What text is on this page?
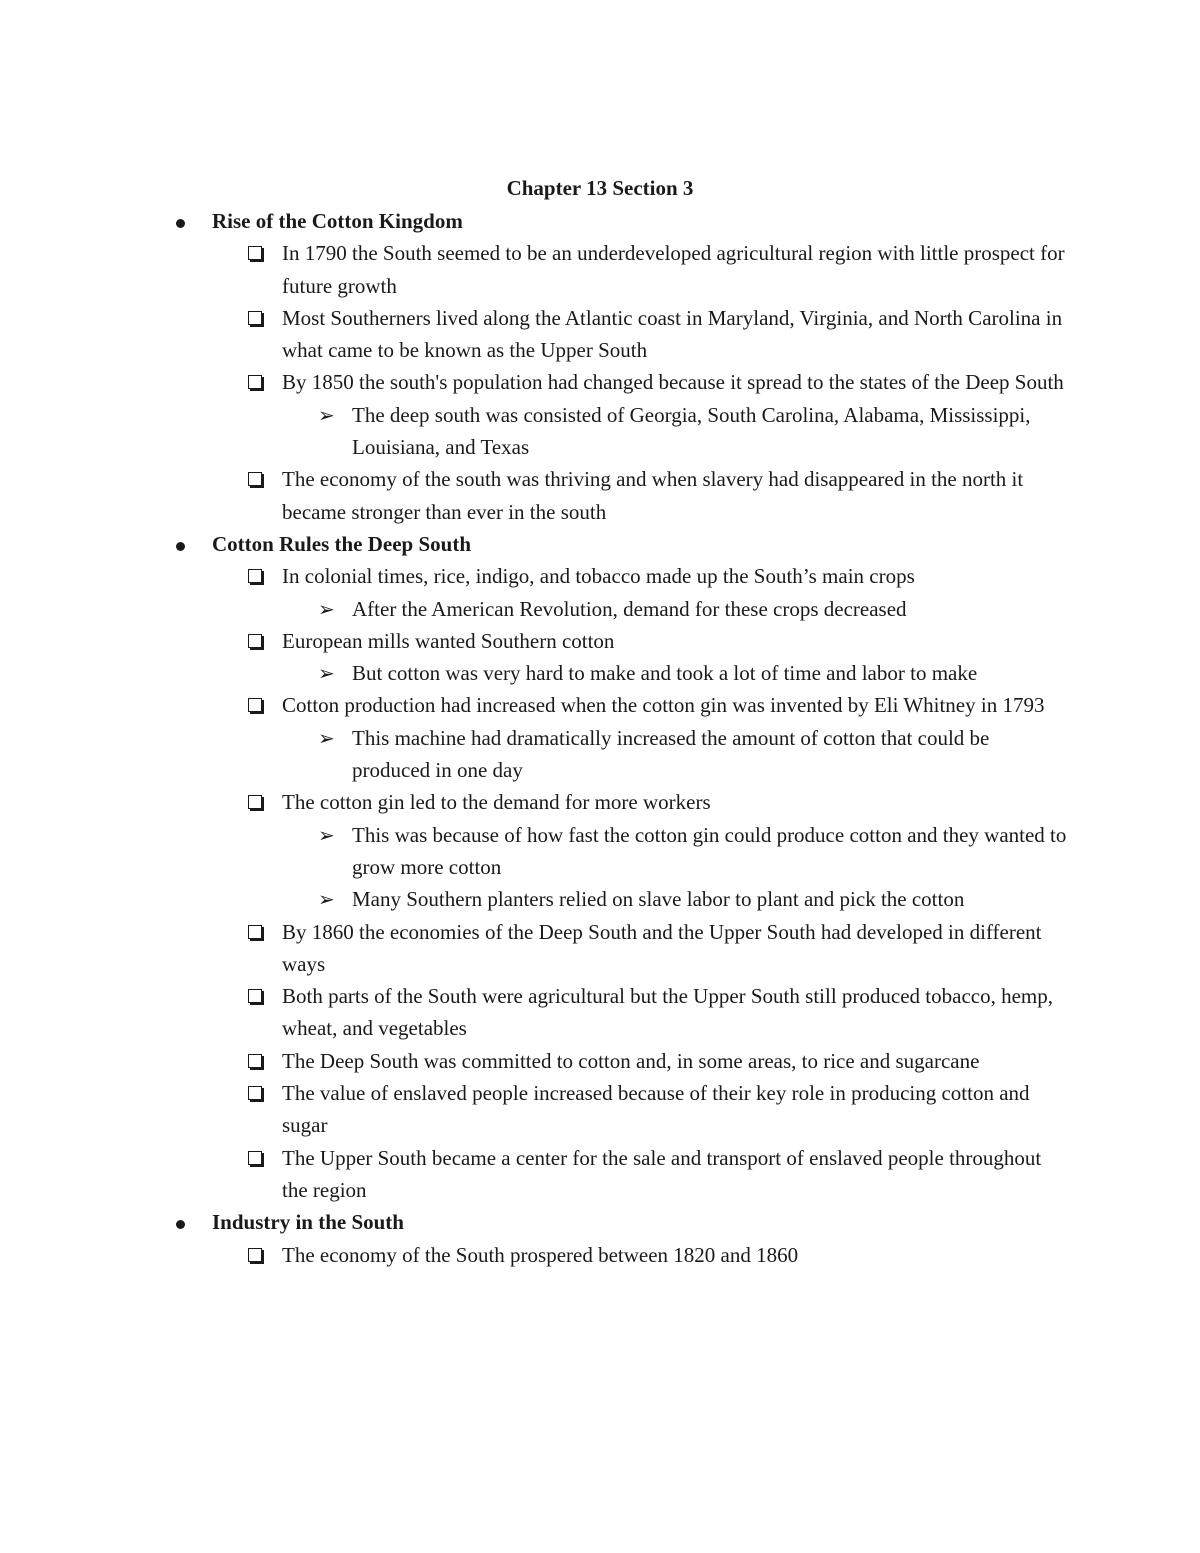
Chapter 13 Section 3
Rise of the Cotton Kingdom
In 1790 the South seemed to be an underdeveloped agricultural region with little prospect for future growth
Most Southerners lived along the Atlantic coast in Maryland, Virginia, and North Carolina in what came to be known as the Upper South
By 1850 the south's population had changed because it spread to the states of the Deep South
➢ The deep south was consisted of Georgia, South Carolina, Alabama, Mississippi, Louisiana, and Texas
The economy of the south was thriving and when slavery had disappeared in the north it became stronger than ever in the south
Cotton Rules the Deep South
In colonial times, rice, indigo, and tobacco made up the South’s main crops
➢ After the American Revolution, demand for these crops decreased
European mills wanted Southern cotton
➢ But cotton was very hard to make and took a lot of time and labor to make
Cotton production had increased when the cotton gin was invented by Eli Whitney in 1793
➢ This machine had dramatically increased the amount of cotton that could be produced in one day
The cotton gin led to the demand for more workers
➢ This was because of how fast the cotton gin could produce cotton and they wanted to grow more cotton
➢ Many Southern planters relied on slave labor to plant and pick the cotton
By 1860 the economies of the Deep South and the Upper South had developed in different ways
Both parts of the South were agricultural but the Upper South still produced tobacco, hemp, wheat, and vegetables
The Deep South was committed to cotton and, in some areas, to rice and sugarcane
The value of enslaved people increased because of their key role in producing cotton and sugar
The Upper South became a center for the sale and transport of enslaved people throughout the region
Industry in the South
The economy of the South prospered between 1820 and 1860
